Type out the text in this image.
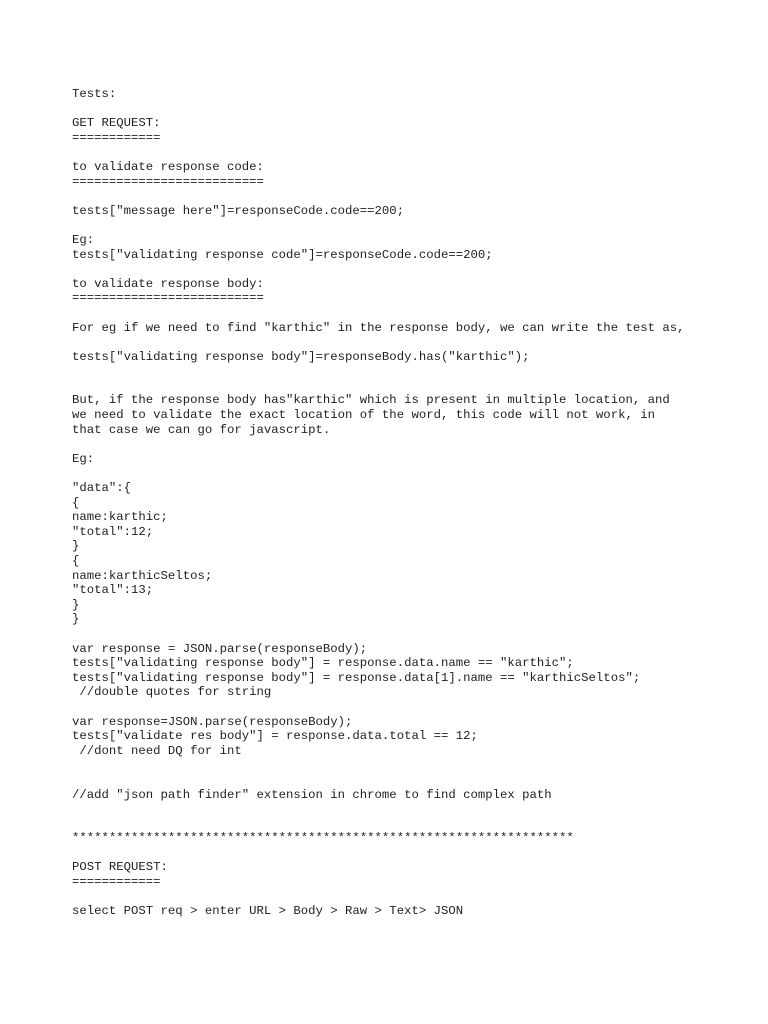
Tests:
GET REQUEST:
============
to validate response code:
==========================
tests["message here"]=responseCode.code==200;
Eg:
tests["validating response code"]=responseCode.code==200;
to validate response body:
==========================
For eg if we need to find "karthic" in the response body, we can write the test as,
tests["validating response body"]=responseBody.has("karthic");
But, if the response body has"karthic" which is present in multiple location, and
we need to validate the exact location of the word, this code will not work, in
that case we can go for javascript.
Eg:
"data":{
{
name:karthic;
"total":12;
}
{
name:karthicSeltos;
"total":13;
}
}
var response = JSON.parse(responseBody);
tests["validating response body"] = response.data.name == "karthic";
tests["validating response body"] = response.data[1].name == "karthicSeltos";
//double quotes for string
var response=JSON.parse(responseBody);
tests["validate res body"] = response.data.total == 12;
//dont need DQ for int
//add "json path finder" extension in chrome to find complex path
********************************************************************
POST REQUEST:
============
select POST req > enter URL > Body > Raw > Text> JSON
